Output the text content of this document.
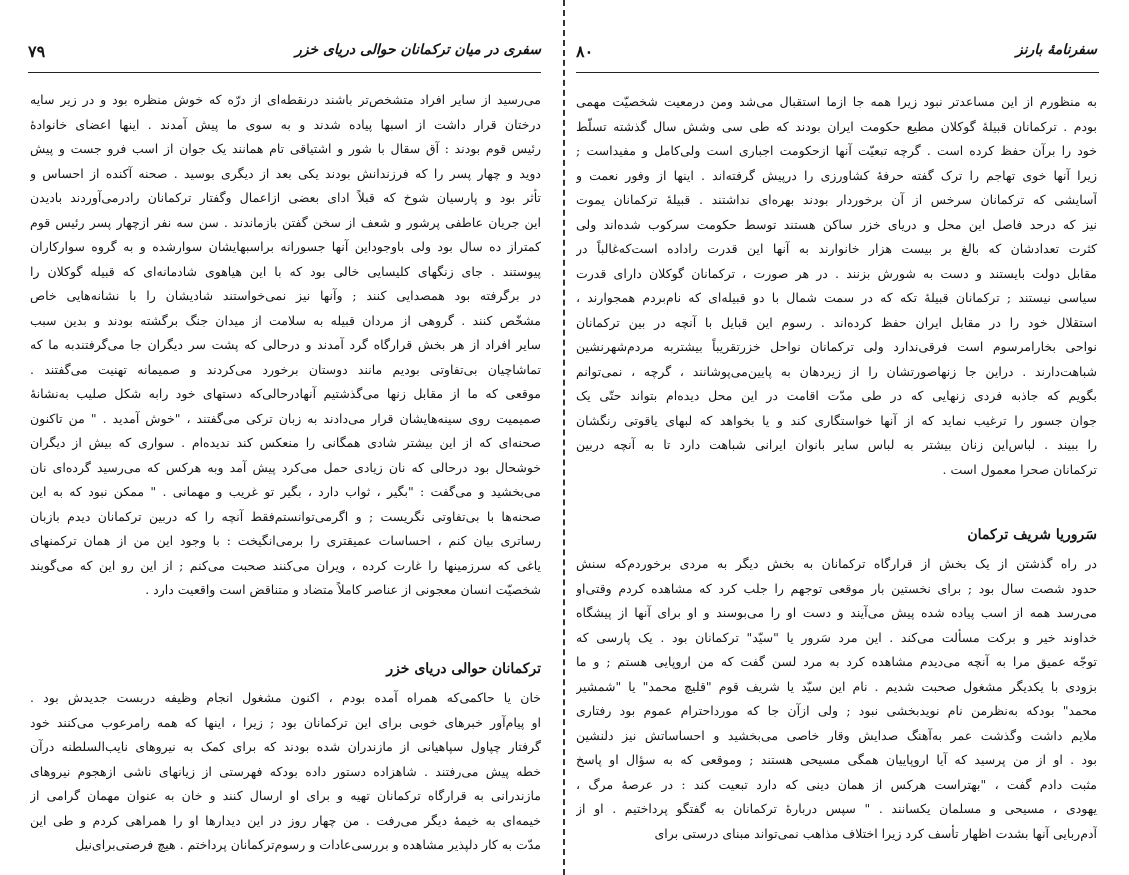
سفری در میان ترکمانان حوالی دریای خزر
۷۹
می‌رسید از سایر افراد متشخص‌تر باشند درنقطه‌ای از درّه که خوش منظره بود و در زیر سایه
درختان قرار داشت از اسبها پیاده شدند و به سوی ما پیش آمدند . اینها اعضای خانوادهٔ
رئیس قوم بودند : آق سقال با شور و اشتیاقی تام همانند یک جوان از اسب فرو جست و پیش
دوید و چهار پسر را که فرزندانش بودند یکی بعد از دیگری بوسید . صحنه آکنده از احساس و
تأثر بود و پارسیان شوخ که قبلاً ادای بعضی ازاعمال وگفتار ترکمانان رادرمی‌آوردند بادیدن
این جریان عاطفی پرشور و شعف از سخن گفتن بازماندند . سن سه نفر ازچهار پسر رئیس قوم
کمتراز ده سال بود ولی باوجوداین آنها جسورانه براسبهایشان سوارشده و به گروه سوارکاران
پیوستند . جای زنگهای کلیسایی خالی بود که با این هیاهوی شادمانه‌ای که قبیله گوکلان را
در برگرفته بود همصدایی کنند ; وآنها نیز نمی‌خواستند شادیشان را با نشانه‌هایی خاص
مشخّص کنند . گروهی از مردان قبیله به سلامت از میدان جنگ برگشته بودند و بدین سبب
سایر افراد از هر بخش قرارگاه گرد آمدند و درحالی که پشت سر دیگران جا می‌گرفتندبه ما که
تماشاچیان بی‌تفاوتی بودیم مانند دوستان برخورد می‌کردند و صمیمانه تهنیت می‌گفتند .
موقعی که ما از مقابل زنها می‌گذشتیم آنهادرحالی‌که دستهای خود رابه شکل صلیب به‌نشانهٔ
صمیمیت روی سینه‌هایشان قرار می‌دادند به زبان ترکی می‌گفتند ، "خوش آمدید . " من تاکنون
صحنه‌ای که از این بیشتر شادی همگانی را منعکس کند ندیده‌ام . سواری که بیش از دیگران
خوشحال بود درحالی که نان زیادی حمل می‌کرد پیش آمد وبه هرکس که می‌رسید گرده‌ای نان
می‌بخشید و می‌گفت : "بگیر ، ثواب دارد ، بگیر تو غریب و مهمانی . " ممکن نبود که به این
صحنه‌ها با بی‌تفاوتی نگریست ; و اگرمی‌توانستم‌فقط آنچه را که دربین ترکمانان دیدم بازبان
رساتری بیان کنم ، احساسات عمیقتری را برمی‌انگیخت : با وجود این من از همان ترکمنهای
یاغی که سرزمینها را غارت کرده ، ویران می‌کنند صحبت می‌کنم ; از این رو این که می‌گویند
شخصیّت انسان معجونی از عناصر کاملاً متضاد و متناقض است واقعیت دارد .
ترکمانان حوالی دریای خزر
خان یا حاکمی‌که همراه آمده بودم ، اکنون مشغول انجام وظیفه دربست جدیدش بود .
او پیام‌آور خبرهای خوبی برای این ترکمانان بود ; زیرا ، اینها که همه رامرعوب می‌کنند خود
گرفتار چپاول سپاهیانی از مازندران شده بودند که برای کمک به نیروهای نایب‌السلطنه درآن
خطه پیش می‌رفتند . شاهزاده دستور داده بودکه فهرستی از زیانهای ناشی ازهجوم نیروهای
مازندرانی به قرارگاه ترکمانان تهیه و برای او ارسال کنند و خان به عنوان مهمان گرامی از
خیمه‌ای به خیمهٔ دیگر می‌رفت . من چهار روز در این دیدارها او را همراهی کردم و طی این
مدّت به کار دلپذیر مشاهده و بررسی‌عادات و رسوم‌ترکمانان پرداختم . هیچ فرصتی‌برای‌نیل
سفرنامهٔ بارنز
۸۰
به منظورم از این مساعدتر نبود زیرا همه جا ازما استقبال می‌شد ومن درمعیت شخصیّت مهمی
بودم . ترکمانان قبیلهٔ گوکلان مطیع حکومت ایران بودند که طی سی وشش سال گذشته تسلّط
خود را برآن حفظ کرده است . گرچه تبعیّت آنها ازحکومت اجباری است ولی‌کامل و مفیداست ;
زیرا آنها خوی تهاجم را ترک گفته حرفهٔ کشاورزی را درپیش گرفته‌اند . اینها از وفور نعمت و
آسایشی که ترکمانان سرخس از آن برخوردار بودند بهره‌ای نداشتند . قبیلهٔ ترکمانان یموت
نیز که درحد فاصل این محل و دریای خزر ساکن هستند توسط حکومت سرکوب شده‌اند ولی
کثرت تعدادشان که بالغ بر بیست هزار خانوارند به آنها این قدرت راداده است‌که‌غالباً در
مقابل دولت بایستند و دست به شورش بزنند . در هر صورت ، ترکمانان گوکلان دارای قدرت
سیاسی نیستند ; ترکمانان قبیلهٔ تکه که در سمت شمال با دو قبیله‌ای که نام‌بردم همجوارند ،
استقلال خود را در مقابل ایران حفظ کرده‌اند . رسوم این قبایل با آنچه در بین ترکمانان
نواحی بخارامرسوم است فرقی‌ندارد ولی ترکمانان نواحل خزرتقریباً بیشتربه مردم‌شهرنشین
شباهت‌دارند . دراین جا زنهاصورتشان را از زیردهان به پایین‌می‌پوشانند ، گرچه ، نمی‌توانم
بگویم که جاذبه فردی زنهایی که در طی مدّت اقامت در این محل دیده‌ام بتواند حتّی یک
جوان جسور را ترغیب نماید که از آنها خواستگاری کند و یا بخواهد که لبهای یاقوتی رنگشان
را ببیند . لباس‌این زنان بیشتر به لباس سایر بانوان ایرانی شباهت دارد تا به آنچه دربین
ترکمانان صحرا معمول است .
سَروریا شریف ترکمان
در راه گذشتن از یک بخش از قرارگاه ترکمانان به بخش دیگر به مردی برخوردم‌که سنش
حدود شصت سال بود ; برای نخستین بار موقعی توجهم را جلب کرد که مشاهده کردم وقتی‌او
می‌رسد همه از اسب پیاده شده پیش می‌آیند و دست او را می‌بوسند و او برای آنها از پیشگاه
خداوند خیر و برکت مسألت می‌کند . این مرد سَرور یا "سیّد" ترکمانان بود . یک پارسی که
توجّه عمیق مرا به آنچه می‌دیدم مشاهده کرد به مرد لسن گفت که من اروپایی هستم ; و ما
بزودی با یکدیگر مشغول صحبت شدیم . نام این سیّد یا شریف قوم "قلیچ محمد" یا "شمشیر
محمد" بودکه به‌نظرمن نام نویدبخشی نبود ; ولی ازآن جا که موردا‌حترام عموم بود رفتاری
ملایم داشت وگذشت عمر به‌آهنگ صدایش وقار خاصی می‌بخشید و احساساتش نیز دلنشین
بود . او از من پرسید که آیا اروپاییان همگی مسیحی هستند ; وموقعی که به سؤال او پاسخ
مثبت دادم گفت ، "بهتراست هرکس از همان دینی که دارد تبعیت کند : در عرصهٔ مرگ ،
یهودی ، مسیحی و مسلمان یکسانند . " سپس دربارهٔ ترکمانان به گفتگو پرداختیم . او از
آدم‌ربایی آنها بشدت اظهار تأسف کرد زیرا اختلاف مذاهب نمی‌تواند مبنای درستی برای
